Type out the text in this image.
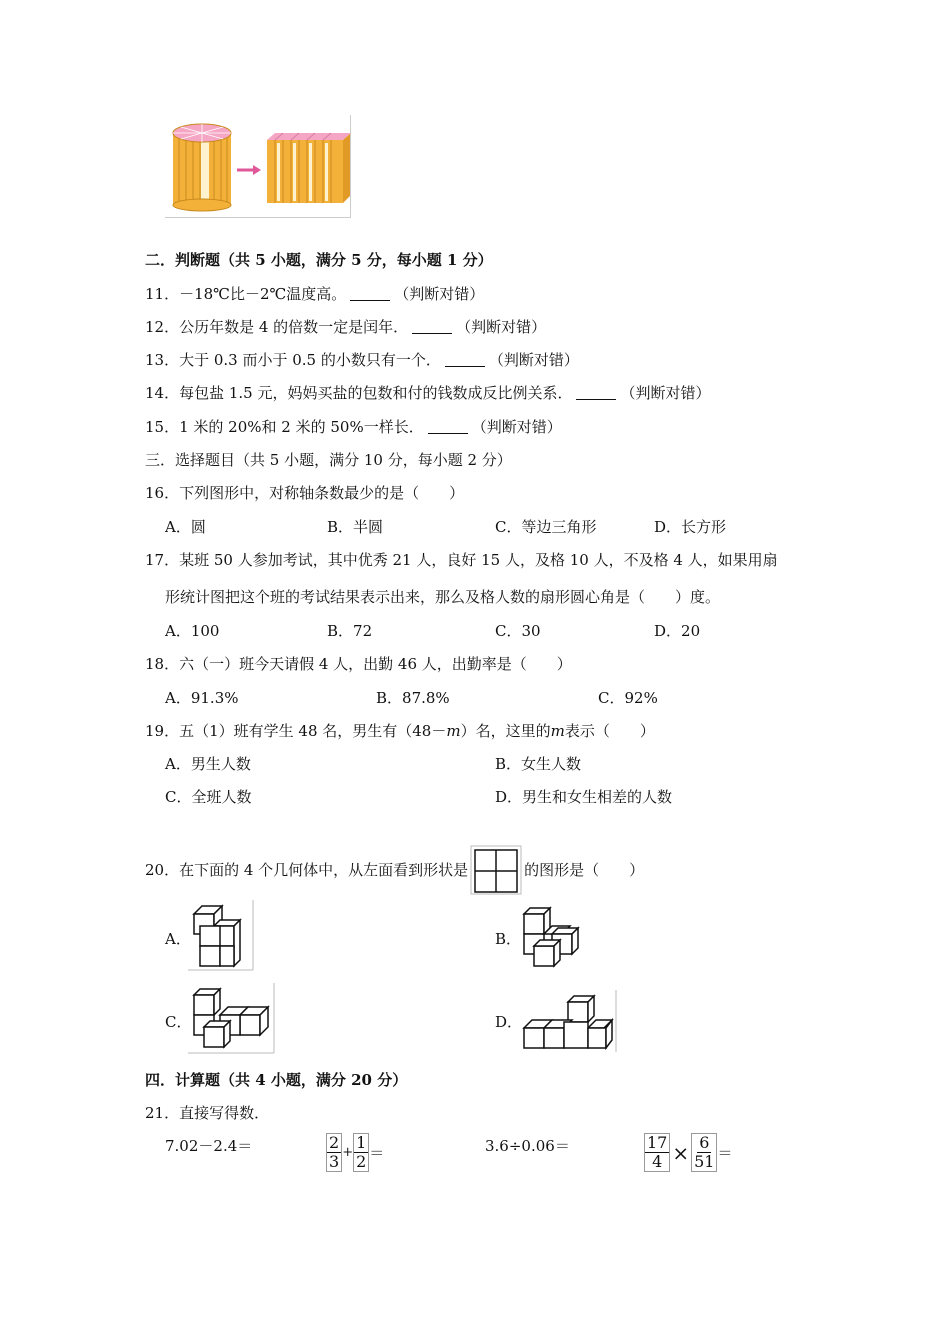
二．判断题（共 5 小题，满分 5 分，每小题 1 分）
11．－18℃比－2℃温度高。	（判断对错）
12．公历年数是 4 的倍数一定是闰年．	（判断对错）
13．大于 0.3 而小于 0.5 的小数只有一个．	（判断对错）
14．每包盐 1.5 元，妈妈买盐的包数和付的钱数成反比例关系．	（判断对错）
15．1 米的 20%和 2 米的 50%一样长．	（判断对错）
三．选择题目（共 5 小题，满分 10 分，每小题 2 分）
16．下列图形中，对称轴条数最少的是（　　）
A．圆	B．半圆	C．等边三角形	D．长方形
17．某班 50 人参加考试，其中优秀 21 人，良好 15 人，及格 10 人，不及格 4 人，如果用扇
形统计图把这个班的考试结果表示出来，那么及格人数的扇形圆心角是（　　）度。
A．100	B．72	C．30	D．20
18．六（一）班今天请假 4 人，出勤 46 人，出勤率是（　　）
A．91.3%	B．87.8%	C．92%
19．五（1）班有学生 48 名，男生有（48－m）名，这里的m表示（　　）
A．男生人数	B．女生人数
C．全班人数	D．男生和女生相差的人数
20．在下面的 4 个几何体中，从左面看到形状是	的图形是（　　）
A．	B．
C．	D．
四．计算题（共 4 小题，满分 20 分）
21．直接写得数．
7.02－2.4＝	$\frac{2}{3} + \frac{1}{2}$ ＝	3.6÷0.06＝	$\frac{17}{4} \times \frac{6}{51}$ ＝
